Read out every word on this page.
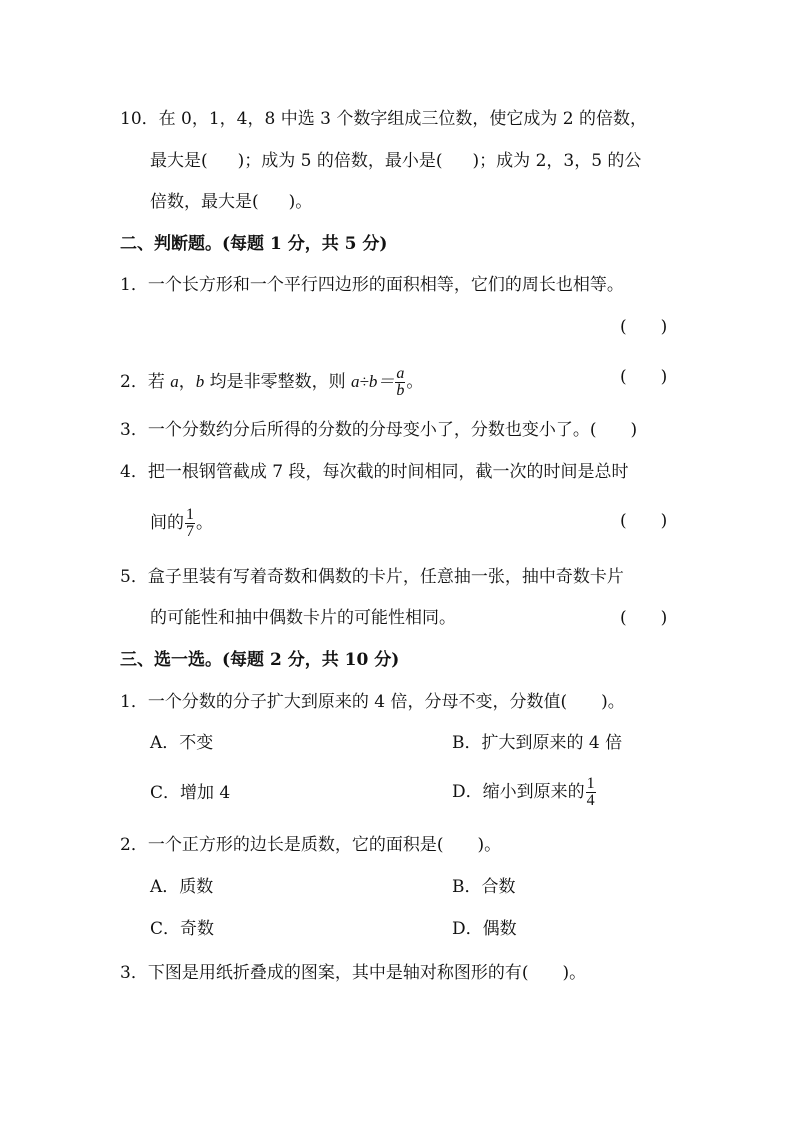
10．在 0，1，4，8 中选 3 个数字组成三位数，使它成为 2 的倍数，
最大是( )；成为 5 的倍数，最小是( )；成为 2，3，5 的公
倍数，最大是( )。
二、判断题。(每题 1 分，共 5 分)
1．一个长方形和一个平行四边形的面积相等，它们的周长也相等。
(　　)
2．若 a，b 均是非零整数，则 $a\div b= \frac{a}{b}$ 。	(　　)
3．一个分数约分后所得的分数的分母变小了，分数也变小了。(　　)
4．把一根钢管截成 7 段，每次截的时间相同，截一次的时间是总时
间的 $\frac{1}{7}$ 。	(　　)
5．盒子里装有写着奇数和偶数的卡片，任意抽一张，抽中奇数卡片
的可能性和抽中偶数卡片的可能性相同。	(　　)
三、选一选。(每题 2 分，共 10 分)
1．一个分数的分子扩大到原来的 4 倍，分母不变，分数值(　　)。
A．不变	B．扩大到原来的 4 倍
C．增加 4	D．缩小到原来的 $\frac{1}{4}$
2．一个正方形的边长是质数，它的面积是(　　)。
A．质数	B．合数
C．奇数	D．偶数
3．下图是用纸折叠成的图案，其中是轴对称图形的有(　　)。
